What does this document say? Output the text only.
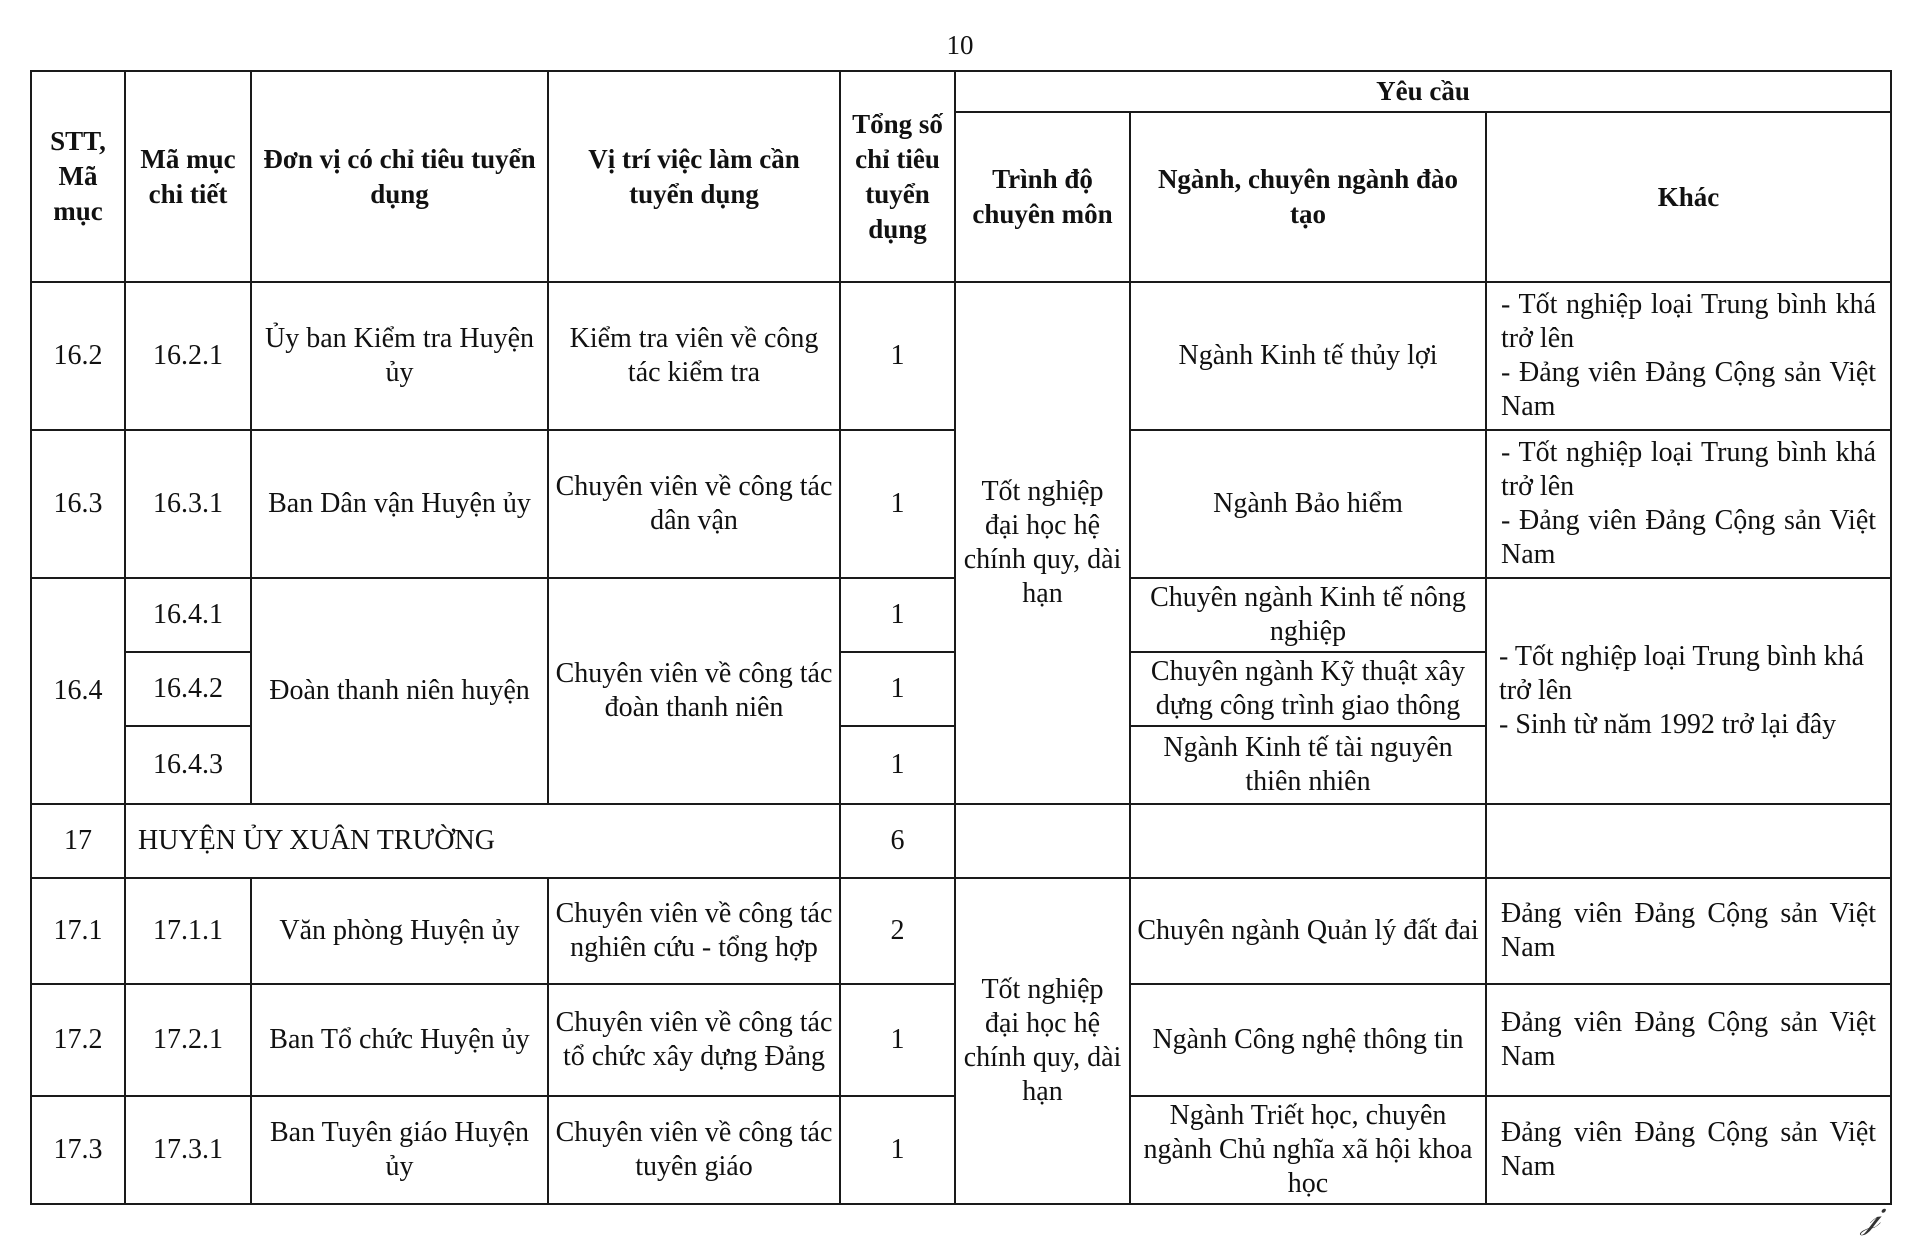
10
STT, Mã mục	Mã mục chi tiết	Đơn vị có chỉ tiêu tuyển dụng	Vị trí việc làm cần tuyển dụng	Tổng số chỉ tiêu tuyển dụng	Yêu cầu		
					Trình độ chuyên môn	Ngành, chuyên ngành đào tạo	Khác
16.2	16.2.1	Ủy ban Kiểm tra Huyện ủy	Kiểm tra viên về công tác kiểm tra	1	Tốt nghiệp đại học hệ chính quy, dài hạn	Ngành Kinh tế thủy lợi	- Tốt nghiệp loại Trung bình khá trở lên
- Đảng viên Đảng Cộng sản Việt Nam

16.3	16.3.1	Ban Dân vận Huyện ủy	Chuyên viên về công tác dân vận	1		Ngành Bảo hiểm	- Tốt nghiệp loại Trung bình khá trở lên
- Đảng viên Đảng Cộng sản Việt Nam

16.4	16.4.1	Đoàn thanh niên huyện	Chuyên viên về công tác đoàn thanh niên	1		Chuyên ngành Kinh tế nông nghiệp	- Tốt nghiệp loại Trung bình khá trở lên
- Sinh từ năm 1992 trở lại đây

	16.4.2			1		Chuyên ngành Kỹ thuật xây dựng công trình giao thông	
	16.4.3			1		Ngành Kinh tế tài nguyên thiên nhiên	
17	HUYỆN ỦY XUÂN TRƯỜNG			6			
17.1	17.1.1	Văn phòng Huyện ủy	Chuyên viên về công tác nghiên cứu - tổng hợp	2	Tốt nghiệp đại học hệ chính quy, dài hạn	Chuyên ngành Quản lý đất đai	Đảng viên Đảng Cộng sản Việt Nam
17.2	17.2.1	Ban Tổ chức Huyện ủy	Chuyên viên về công tác tổ chức xây dựng Đảng	1		Ngành Công nghệ thông tin	Đảng viên Đảng Cộng sản Việt Nam
17.3	17.3.1	Ban Tuyên giáo Huyện ủy	Chuyên viên về công tác tuyên giáo	1		Ngành Triết học, chuyên ngành Chủ nghĩa xã hội khoa học	Đảng viên Đảng Cộng sản Việt Nam
𝒿
